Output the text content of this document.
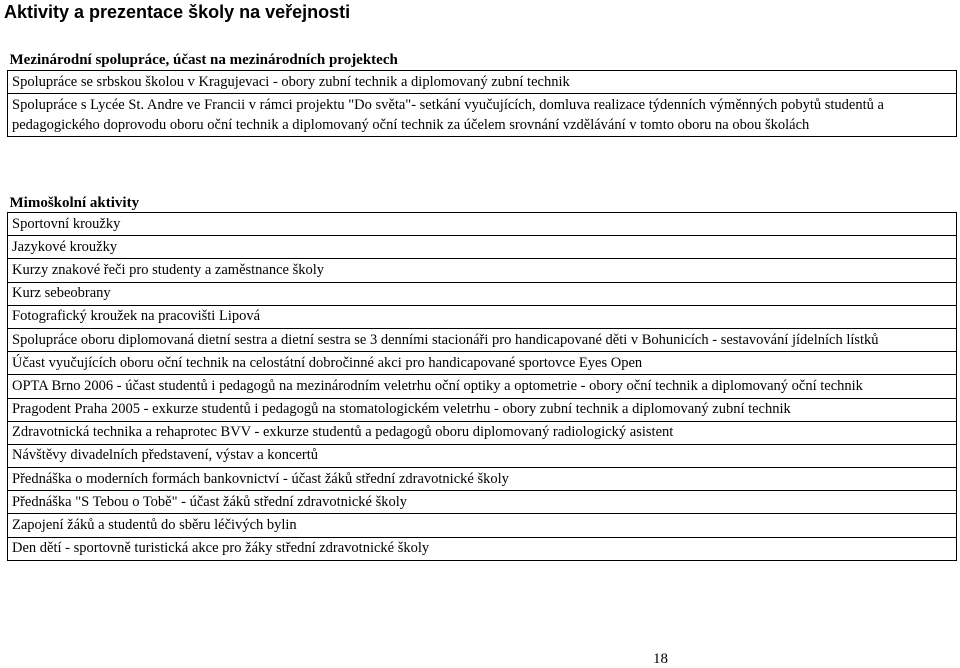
Aktivity a prezentace školy na veřejnosti
Mezinárodní spolupráce, účast na mezinárodních projektech
Spolupráce se srbskou školou v Kragujevaci - obory zubní technik a diplomovaný zubní technik
Spolupráce s Lycée St. Andre ve Francii v rámci projektu "Do světa"- setkání vyučujících, domluva realizace týdenních výměnných pobytů studentů a pedagogického doprovodu oboru oční technik a diplomovaný oční technik za účelem srovnání vzdělávání v tomto oboru na obou školách
Mimoškolní aktivity
Sportovní kroužky
Jazykové kroužky
Kurzy znakové řeči pro studenty a zaměstnance školy
Kurz sebeobrany
Fotografický kroužek na pracovišti Lipová
Spolupráce oboru diplomovaná dietní sestra a dietní sestra se 3 denními stacionáři pro handicapované děti v Bohunicích - sestavování jídelních lístků
Účast vyučujících oboru oční technik na celostátní dobročinné akci pro handicapované sportovce Eyes Open
OPTA Brno 2006 - účast studentů i pedagogů na mezinárodním veletrhu oční optiky a optometrie - obory oční technik a diplomovaný oční technik
Pragodent Praha 2005 - exkurze studentů i pedagogů na stomatologickém veletrhu - obory zubní technik a diplomovaný zubní technik
Zdravotnická technika a rehaprotec BVV - exkurze studentů a pedagogů oboru diplomovaný radiologický asistent
Návštěvy divadelních představení, výstav a koncertů
Přednáška o moderních formách bankovnictví - účast žáků střední zdravotnické školy
Přednáška "S Tebou o Tobě" - účast žáků střední zdravotnické školy
Zapojení žáků a studentů do sběru léčivých bylin
Den dětí - sportovně turistická akce pro žáky střední zdravotnické školy
18
